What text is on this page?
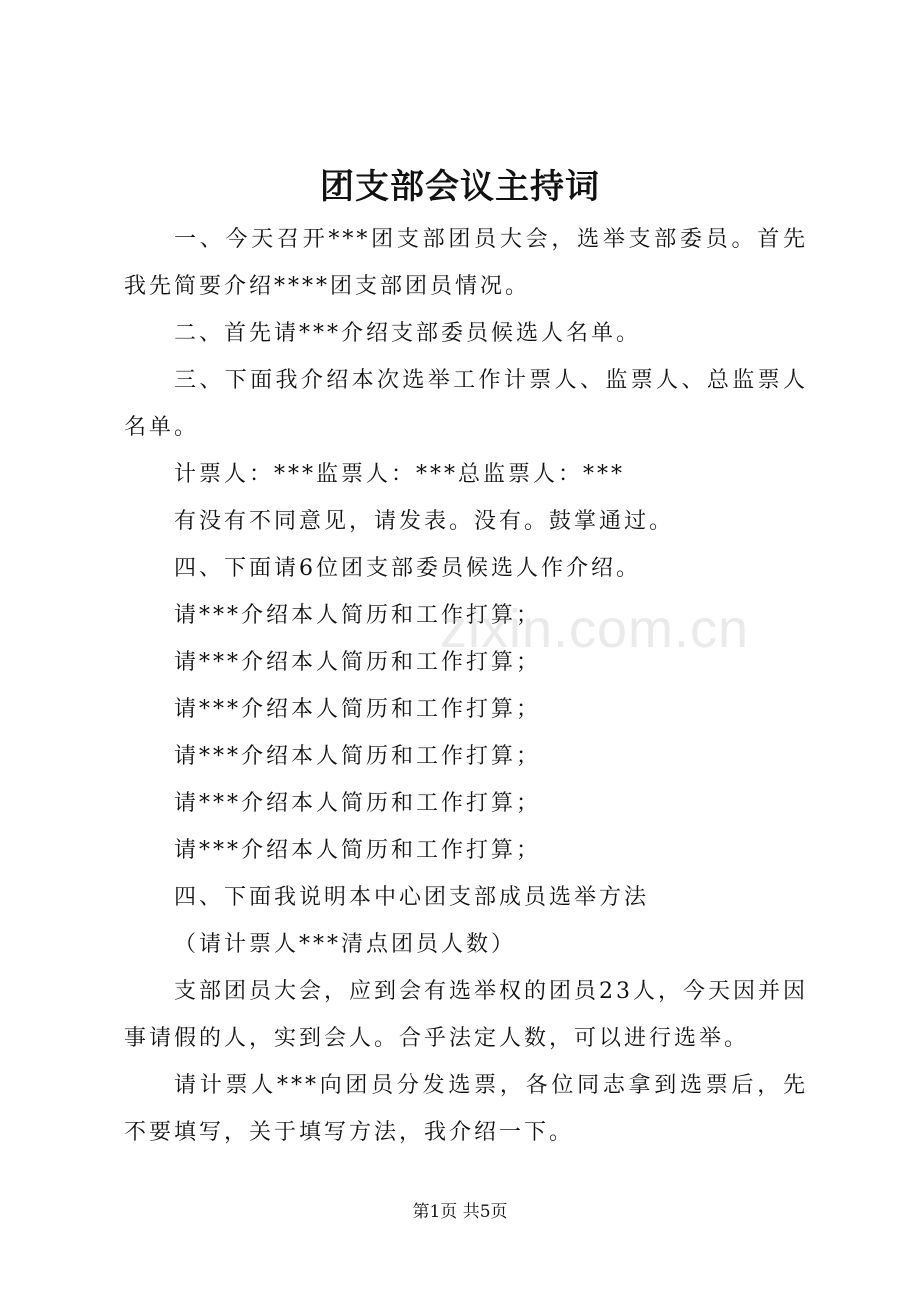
团支部会议主持词

一、今天召开***团支部团员大会，选举支部委员。首先我先简要介绍****团支部团员情况。

二、首先请***介绍支部委员候选人名单。

三、下面我介绍本次选举工作计票人、监票人、总监票人名单。

计票人：***监票人：***总监票人：***

有没有不同意见，请发表。没有。鼓掌通过。

四、下面请6位团支部委员候选人作介绍。

请***介绍本人简历和工作打算；

请***介绍本人简历和工作打算；

请***介绍本人简历和工作打算；

请***介绍本人简历和工作打算；

请***介绍本人简历和工作打算；

请***介绍本人简历和工作打算；

四、下面我说明本中心团支部成员选举方法

（请计票人***清点团员人数）

支部团员大会，应到会有选举权的团员23人，今天因并因事请假的人，实到会人。合乎法定人数，可以进行选举。

请计票人***向团员分发选票，各位同志拿到选票后，先不要填写，关于填写方法，我介绍一下。

zixin.com.cn
第1页 共5页
